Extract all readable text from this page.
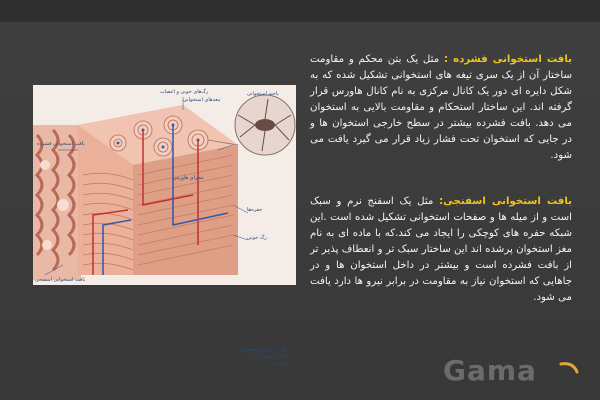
رگ‌های خونی و اعصاب
تیغه‌های استخوانی
یاخته استخوانی
مجرای هاورس
بافت استخوانی فشرده
بافت استخوانی اسفنجی
حفره‌ها
رگ خونی
شکل ۳- ساختار بخشی از تنه یک استخوان دراز و اجزای آن
بافت استخوانی فشرده : مثل یک بتن محکم و مقاومت ساختار آن از یک سری تیغه های استخوانی تشکیل شده که به شکل دایره ای دور یک کانال مرکزی به نام کانال هاورس قرار گرفته اند. این ساختار استحکام و مقاومت بالایی به استخوان می دهد. بافت فشرده بیشتر در سطح خارجی استخوان ها و در جایی که استخوان تحت فشار زیاد قرار می گیرد یافت می شود.
بافت استخوانی اسفنجی: مثل یک اسفنج نرم و سبک است و از میله ها و صفحات استخوانی تشکیل شده است .این شبکه حفره های کوچکی را ایجاد می کند.که با ماده ای به نام مغز استخوان پرشده اند این ساختار سبک تر و انعطاف پذیر تر از بافت فشرده است و بیشتر در داخل استخوان ها و در جاهایی که استخوان نیاز به مقاومت در برابر نیرو ها دارد یافت می شود.
Gama
